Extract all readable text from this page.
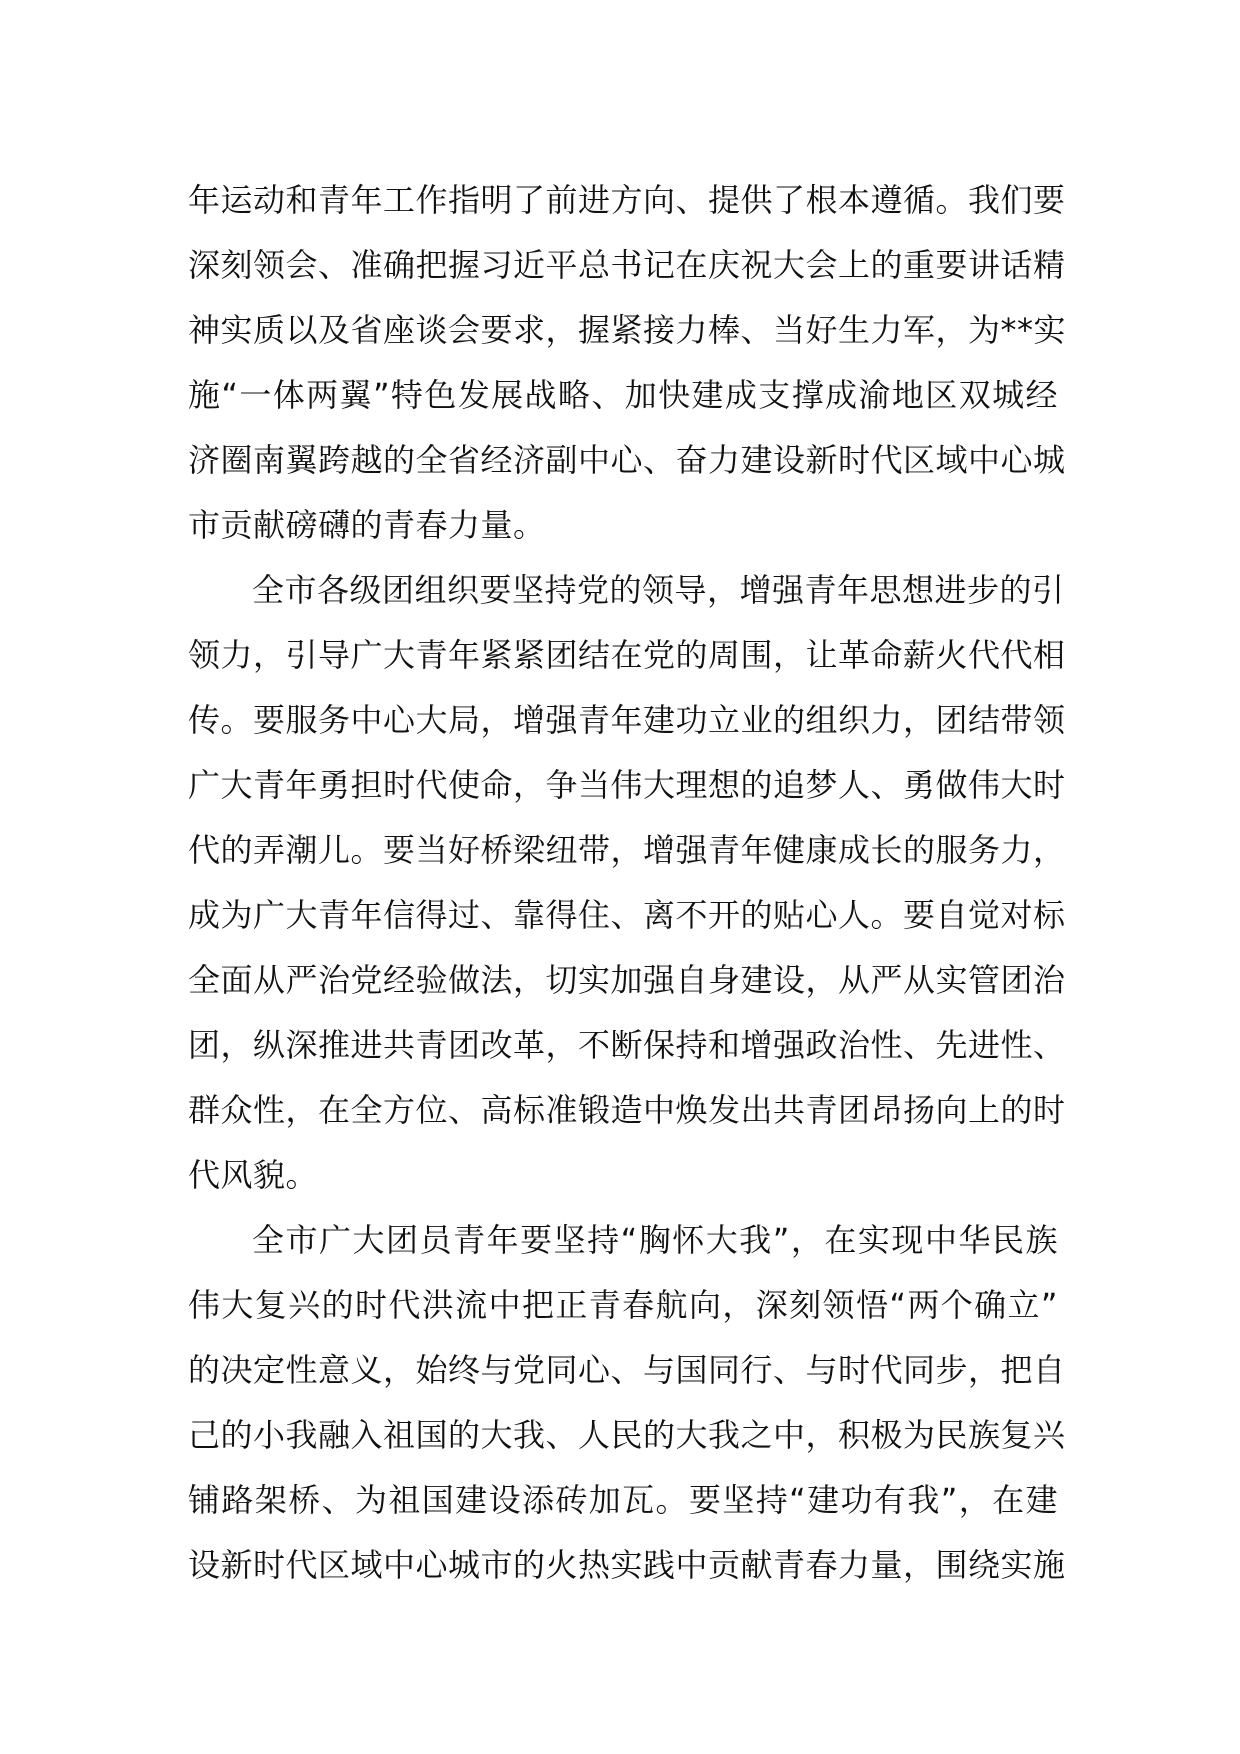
年运动和青年工作指明了前进方向、提供了根本遵循。我们要
深刻领会、准确把握习近平总书记在庆祝大会上的重要讲话精
神实质以及省座谈会要求，握紧接力棒、当好生力军，为**实
施“一体两翼”特色发展战略、加快建成支撑成渝地区双城经
济圈南翼跨越的全省经济副中心、奋力建设新时代区域中心城
市贡献磅礴的青春力量。
全市各级团组织要坚持党的领导，增强青年思想进步的引
领力，引导广大青年紧紧团结在党的周围，让革命薪火代代相
传。要服务中心大局，增强青年建功立业的组织力，团结带领
广大青年勇担时代使命，争当伟大理想的追梦人、勇做伟大时
代的弄潮儿。要当好桥梁纽带，增强青年健康成长的服务力，
成为广大青年信得过、靠得住、离不开的贴心人。要自觉对标
全面从严治党经验做法，切实加强自身建设，从严从实管团治
团，纵深推进共青团改革，不断保持和增强政治性、先进性、
群众性，在全方位、高标准锻造中焕发出共青团昂扬向上的时
代风貌。
全市广大团员青年要坚持“胸怀大我”，在实现中华民族
伟大复兴的时代洪流中把正青春航向，深刻领悟“两个确立”
的决定性意义，始终与党同心、与国同行、与时代同步，把自
己的小我融入祖国的大我、人民的大我之中，积极为民族复兴
铺路架桥、为祖国建设添砖加瓦。要坚持“建功有我”，在建
设新时代区域中心城市的火热实践中贡献青春力量，围绕实施
